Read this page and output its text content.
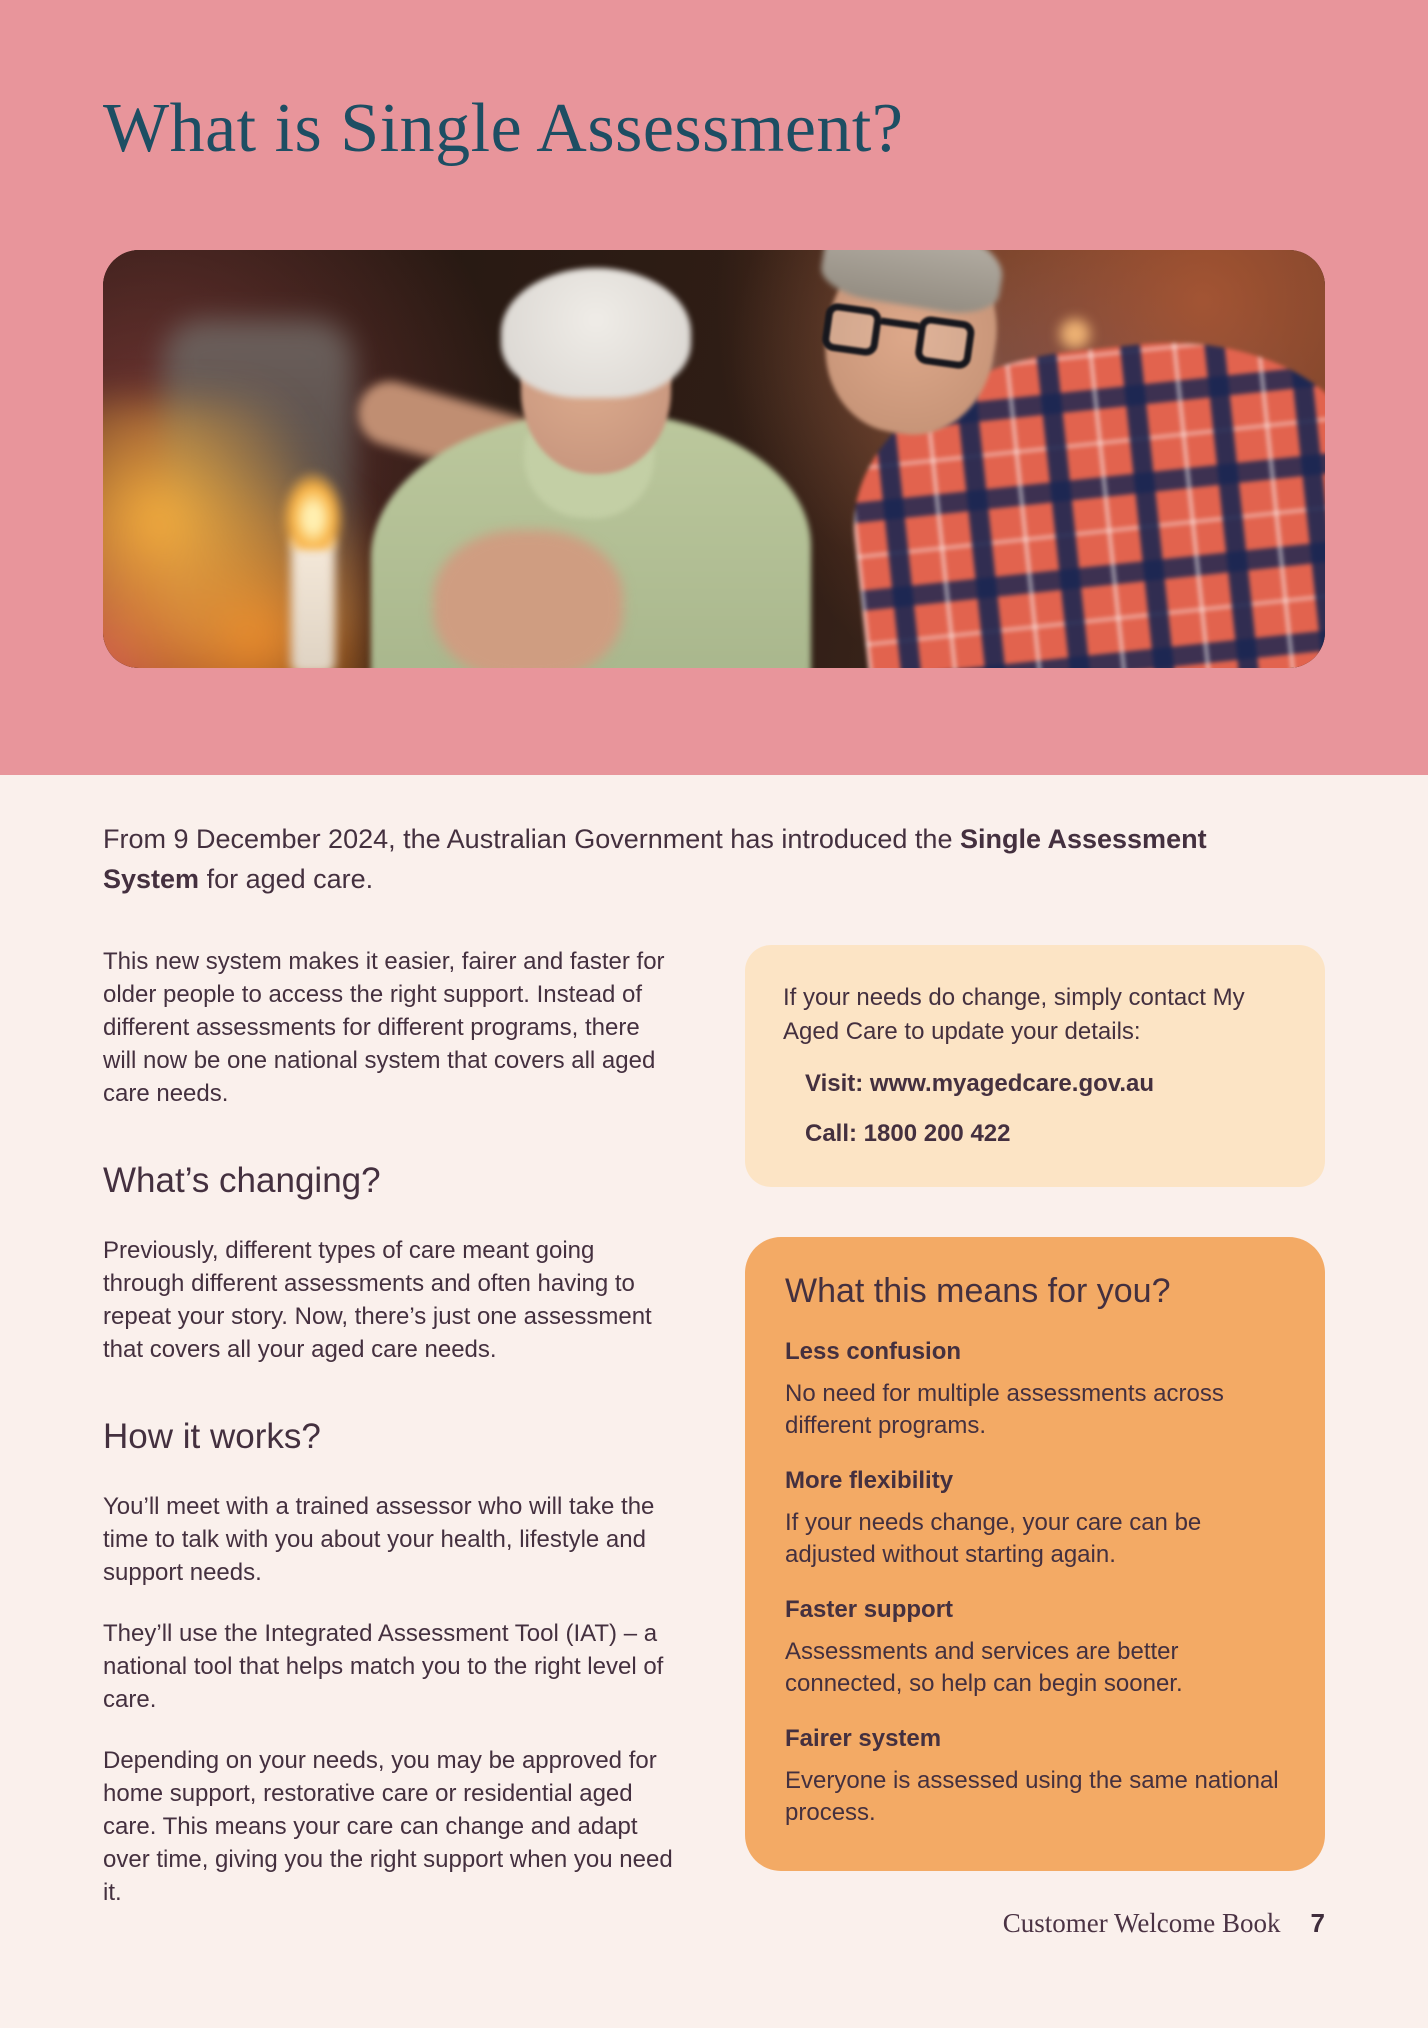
What is Single Assessment?

From 9 December 2024, the Australian Government has introduced the Single Assessment System for aged care.

This new system makes it easier, fairer and faster for older people to access the right support. Instead of different assessments for different programs, there will now be one national system that covers all aged care needs.

What’s changing?

Previously, different types of care meant going through different assessments and often having to repeat your story. Now, there’s just one assessment that covers all your aged care needs.

How it works?

You’ll meet with a trained assessor who will take the time to talk with you about your health, lifestyle and support needs.

They’ll use the Integrated Assessment Tool (IAT) – a national tool that helps match you to the right level of care.

Depending on your needs, you may be approved for home support, restorative care or residential aged care. This means your care can change and adapt over time, giving you the right support when you need it.

If your needs do change, simply contact My Aged Care to update your details:

Visit: www.myagedcare.gov.au

Call: 1800 200 422

What this means for you?
Less confusion

No need for multiple assessments across different programs.

More flexibility

If your needs change, your care can be adjusted without starting again.

Faster support

Assessments and services are better connected, so help can begin sooner.

Fairer system

Everyone is assessed using the same national process.

Customer Welcome Book 7
